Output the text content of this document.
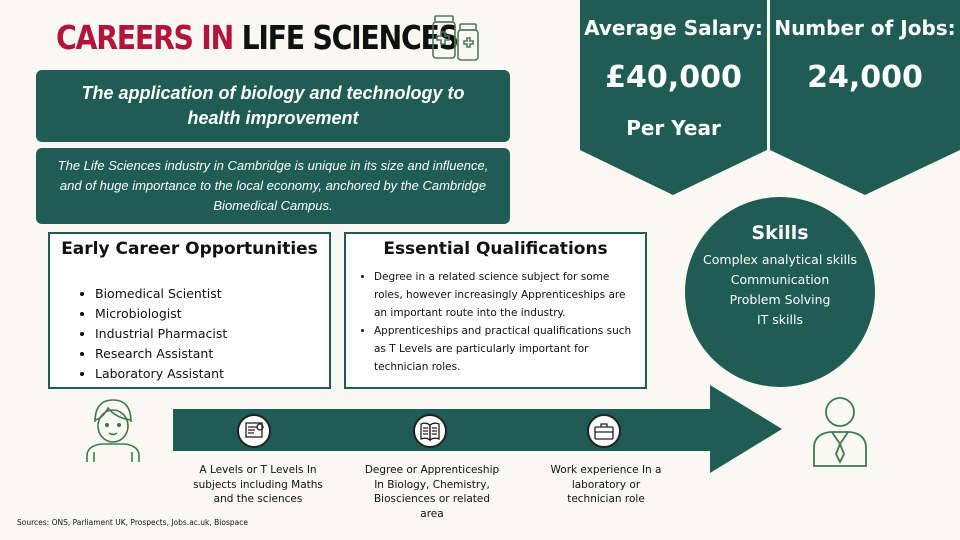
CAREERS IN LIFE SCIENCES
The application of biology and technology to health improvement
The Life Sciences industry in Cambridge is unique in its size and influence, and of huge importance to the local economy, anchored by the Cambridge Biomedical Campus.
Average Salary:
£40,000
Per Year
Number of Jobs:
24,000
Early Career Opportunities
• Biomedical Scientist
• Microbiologist
• Industrial Pharmacist
• Research Assistant
• Laboratory Assistant
Essential Qualifications
• Degree in a related science subject for some roles, however increasingly Apprenticeships are an important route into the industry.
• Apprenticeships and practical qualifications such as T Levels are particularly important for technician roles.
Skills
Complex analytical skills
Communication
Problem Solving
IT skills
A Levels or T Levels In subjects including Maths and the sciences
Degree or Apprenticeship In Biology, Chemistry, Biosciences or related area
Work experience In a laboratory or technician role
Sources: ONS, Parliament UK, Prospects, Jobs.ac.uk, Biospace
